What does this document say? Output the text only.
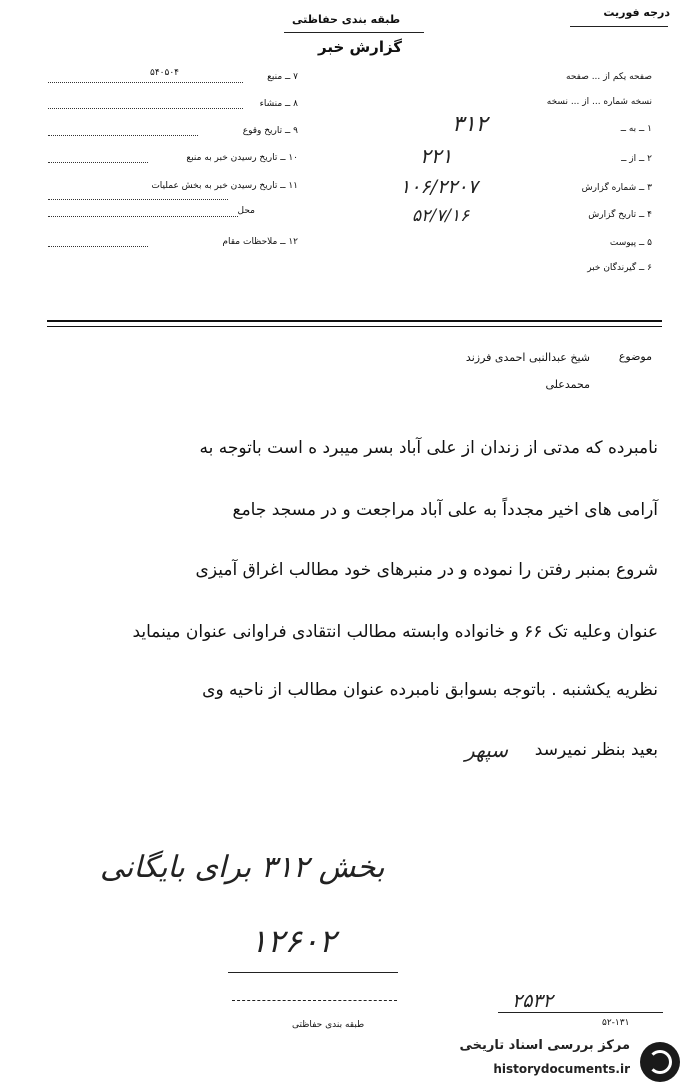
درجه فوریت
طبقه بندی حفاظتی
گزارش خبر
صفحه یکم از ... صفحه
نسخه شماره ... از ... نسخه
۱ ــ به ــ
۳۱۲
۲ ــ از ــ
۲۲۱
۳ ــ شماره گزارش
۱۰۶/۲۲۰۷
۴ ــ تاریخ گزارش
۵۲/۷/۱۶
۵ ــ پیوست
۶ ــ گیرندگان خبر
۷ ــ منبع
۵۴۰۵۰۴
۸ ــ منشاء
۹ ــ تاریخ وقوع
۱۰ ــ تاریخ رسیدن خبر به منبع
۱۱ ــ تاریخ رسیدن خبر به بخش عملیات
محل
۱۲ ــ ملاحظات مقام
موضوع
شیخ عبدالنبی احمدی فرزند
محمدعلی
نامبرده که مدتی از زندان از علی آباد بسر میبرد ه است باتوجه به
آرامی های اخیر مجدداً به علی آباد مراجعت و در مسجد جامع
شروع بمنبر رفتن را نموده و در منبرهای خود مطالب اغراق آمیزی
عنوان وعلیه تک ۶۶ و خانواده وابسته مطالب انتقادی فراوانی عنوان مینماید
نظریه یکشنبه . باتوجه بسوابق نامبرده عنوان مطالب از ناحیه وی
بعید بنظر نمیرسد
سپهر
بخش ۳۱۲ برای بایگانی
۱۲۶۰۲
۲۵۳۲
۵۲-۱۳۱
طبقه بندی حفاظتی
مرکز بررسی اسناد تاریخی
historydocuments.ir
